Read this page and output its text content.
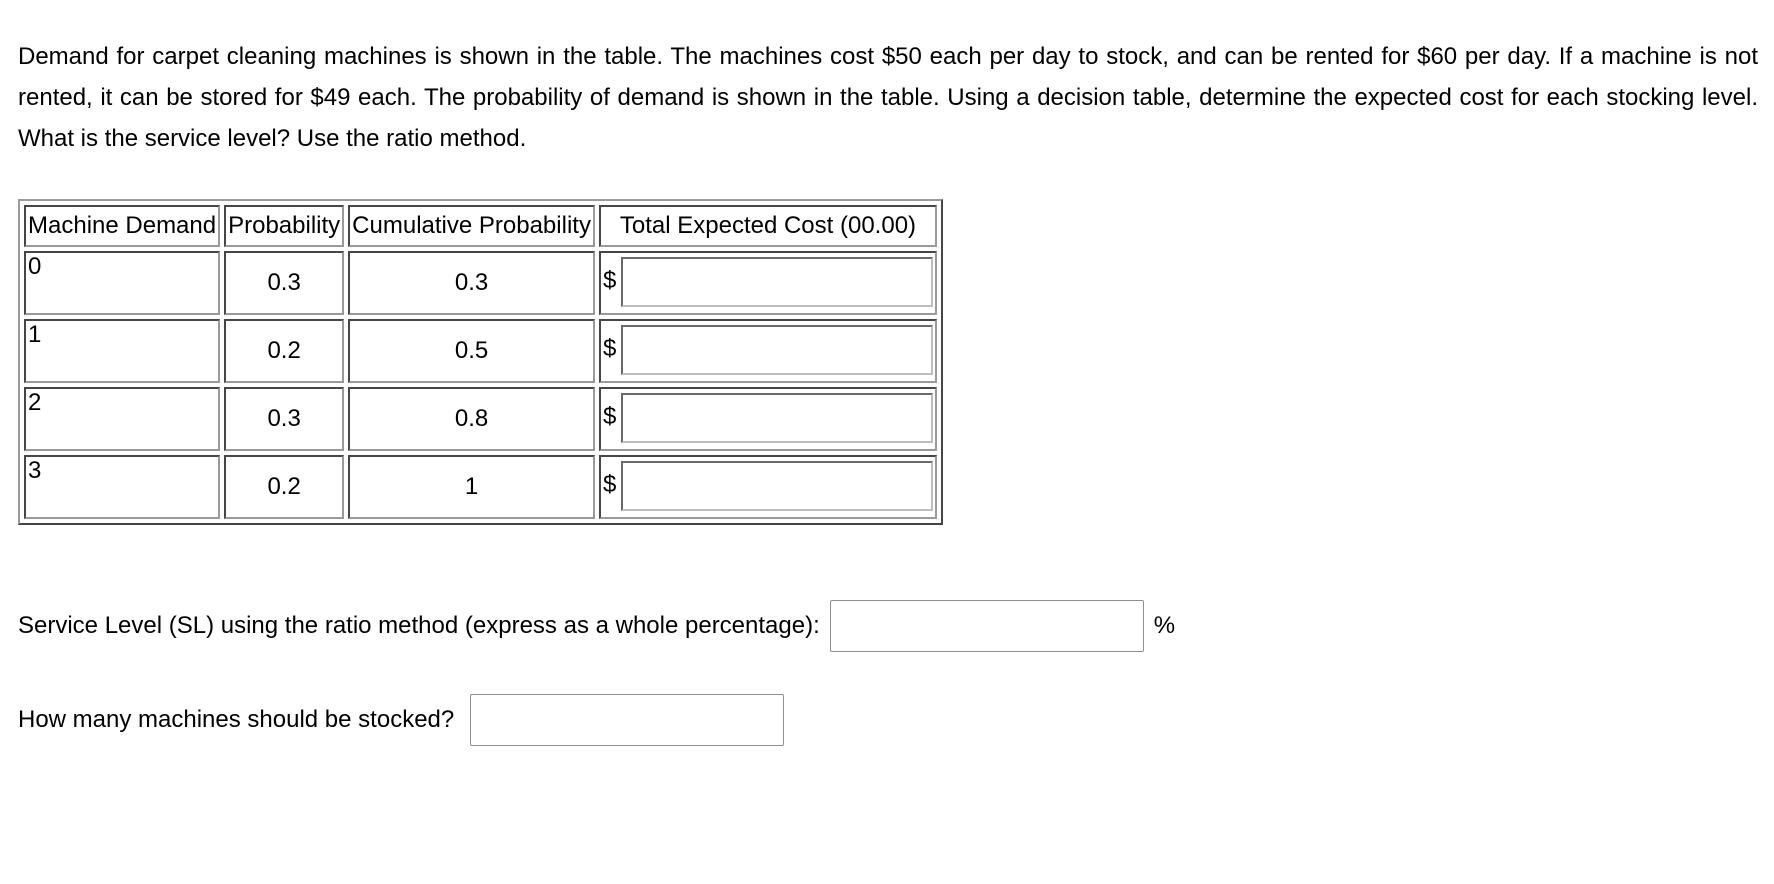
Demand for carpet cleaning machines is shown in the table. The machines cost $50 each per day to stock, and can be rented for $60 per day. If a machine is not rented, it can be stored for $49 each. The probability of demand is shown in the table. Using a decision table, determine the expected cost for each stocking level. What is the service level? Use the ratio method.

Machine Demand	Probability	Cumulative Probability	Total Expected Cost (00.00)
0	0.3	0.3	$

1	0.2	0.5	$

2	0.3	0.8	$

3	0.2	1	$
Service Level (SL) using the ratio method (express as a whole percentage):	%
How many machines should be stocked?
